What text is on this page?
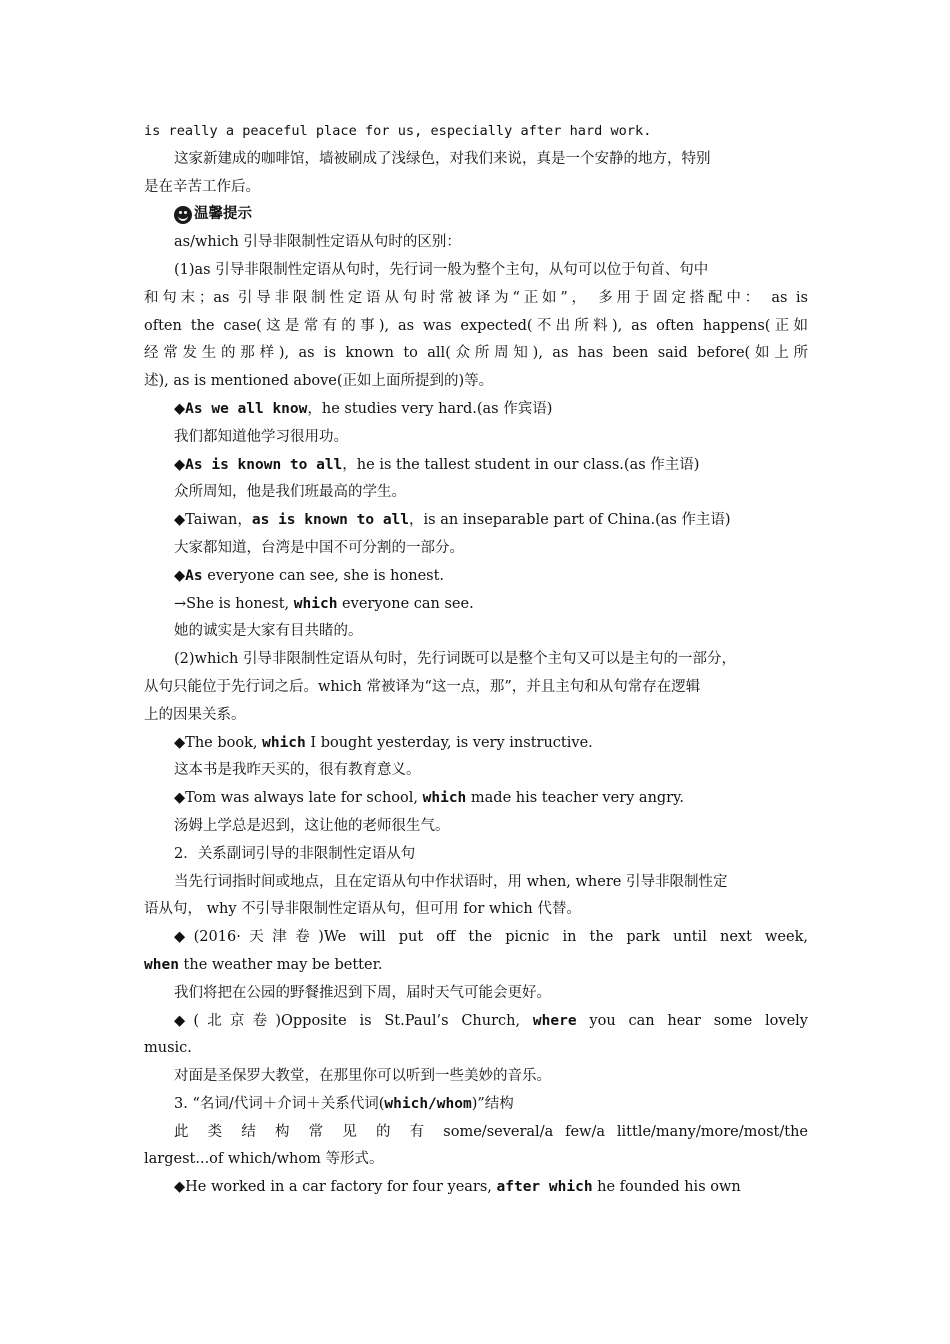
is really a peaceful place for us, especially after hard work.
这家新建成的咖啡馆，墙被刷成了浅绿色，对我们来说，真是一个安静的地方，特别
是在辛苦工作后。
温馨提示
as/which 引导非限制性定语从句时的区别：
(1)as 引导非限制性定语从句时，先行词一般为整个主句，从句可以位于句首、句中
和句末；as 引导非限制性定语从句时常被译为“正如”， 多用于固定搭配中： as is
often the case(这是常有的事), as was expected(不出所料), as often happens(正如
经常发生的那样), as is known to all(众所周知), as has been said before(如上所
述), as is mentioned above(正如上面所提到的)等。
◆As we all know，he studies very hard.(as 作宾语)
我们都知道他学习很用功。
◆As is known to all，he is the tallest student in our class.(as 作主语)
众所周知，他是我们班最高的学生。
◆Taiwan，as is known to all，is an inseparable part of China.(as 作主语)
大家都知道，台湾是中国不可分割的一部分。
◆As everyone can see, she is honest.
→She is honest, which everyone can see.
她的诚实是大家有目共睹的。
(2)which 引导非限制性定语从句时，先行词既可以是整个主句又可以是主句的一部分，
从句只能位于先行词之后。which 常被译为“这一点，那”，并且主句和从句常存在逻辑
上的因果关系。
◆The book, which I bought yesterday, is very instructive.
这本书是我昨天买的，很有教育意义。
◆Tom was always late for school, which made his teacher very angry.
汤姆上学总是迟到，这让他的老师很生气。
2．关系副词引导的非限制性定语从句
当先行词指时间或地点，且在定语从句中作状语时，用 when, where 引导非限制性定
语从句， why 不引导非限制性定语从句，但可用 for which 代替。
◆(2016·天津卷)We will put off the picnic in the park until next week,
when the weather may be better.
我们将把在公园的野餐推迟到下周，届时天气可能会更好。
◆(北京卷)Opposite is St.Paul’s Church, where you can hear some lovely
music.
对面是圣保罗大教堂，在那里你可以听到一些美妙的音乐。
3. “名词/代词＋介词＋关系代词(which/whom)”结构
此 类 结 构 常 见 的 有 some/several/a few/a little/many/more/most/the
largest...of which/whom 等形式。
◆He worked in a car factory for four years, after which he founded his own
